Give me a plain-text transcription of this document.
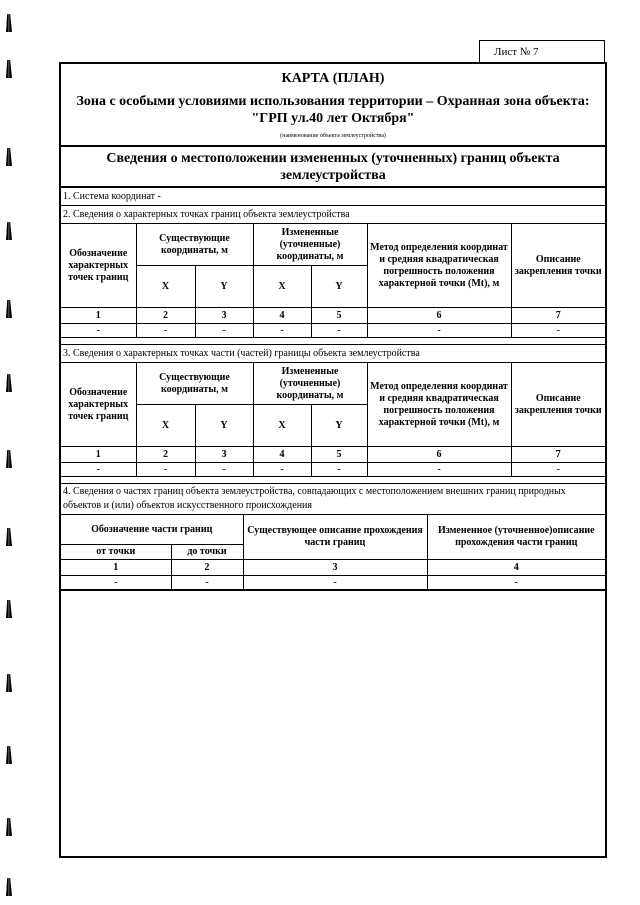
Лист № 7
КАРТА (ПЛАН)
Зона с особыми условиями использования территории – Охранная зона объекта:
"ГРП ул.40 лет Октября"
(наименование объекта землеустройства)
Сведения о местоположении измененных (уточненных) границ объекта
землеустройства
1. Система координат -
2. Сведения о характерных точках границ объекта землеустройства
Обозначение характерных точек границ	Существующие координаты, м		Измененные (уточненные) координаты, м		Метод определения координат и средняя квадратическая погрешность положения характерной точки (Mt), м	Описание закрепления точки
	X	Y	X	Y		
1	2	3	4	5	6	7
-	-	-	-	-	-	-
3. Сведения о характерных точках части (частей) границы объекта землеустройства
Обозначение характерных точек границ	Существующие координаты, м		Измененные (уточненные) координаты, м		Метод определения координат и средняя квадратическая погрешность положения характерной точки (Mt), м	Описание закрепления точки
	X	Y	X	Y		
1	2	3	4	5	6	7
-	-	-	-	-	-	-
4. Сведения о частях границ объекта землеустройства, совпадающих с местоположением внешних границ природных объектов и (или) объектов искусственного происхождения
Обозначение части границ		Существующее описание прохождения части границ	Измененное (уточненное)описание прохождения части границ
от точки	до точки		
1	2	3	4
-	-	-	-
